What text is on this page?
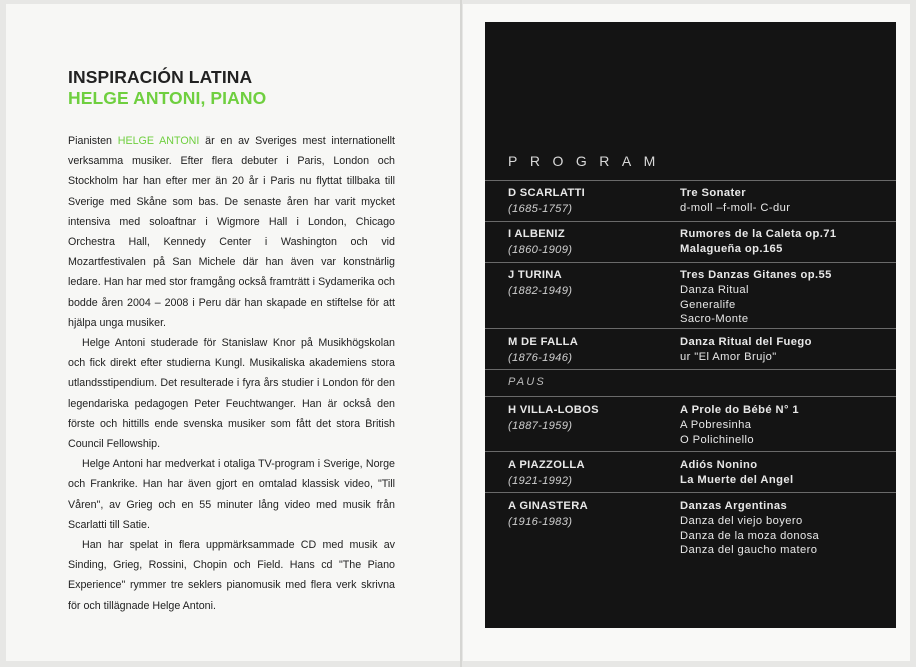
INSPIRACIÓN LATINA
HELGE ANTONI, PIANO

Pianisten HELGE ANTONI är en av Sveriges mest internationellt verksamma musiker. Efter flera debuter i Paris, London och Stockholm har han efter mer än 20 år i Paris nu flyttat tillbaka till Sverige med Skåne som bas. De senaste åren har varit mycket intensiva med soloaftnar i Wigmore Hall i London, Chicago Orchestra Hall, Kennedy Center i Washington och vid Mozartfestivalen på San Michele där han även var konstnärlig ledare. Han har med stor framgång också framträtt i Sydamerika och bodde åren 2004 – 2008 i Peru där han skapade en stiftelse för att hjälpa unga musiker.

Helge Antoni studerade för Stanislaw Knor på Musikhögskolan och fick direkt efter studierna Kungl. Musikaliska akademiens stora utlandsstipendium. Det resulterade i fyra års studier i London för den legendariska pedagogen Peter Feuchtwanger. Han är också den förste och hittills ende svenska musiker som fått det stora British Council Fellowship.

Helge Antoni har medverkat i otaliga TV-program i Sverige, Norge och Frankrike. Han har även gjort en omtalad klassisk video, "Till Våren", av Grieg och en 55 minuter lång video med musik från Scarlatti till Satie.

Han har spelat in flera uppmärksammade CD med musik av Sinding, Grieg, Rossini, Chopin och Field. Hans cd "The Piano Experience" rymmer tre seklers pianomusik med flera verk skrivna för och tillägnade Helge Antoni.

PROGRAM
D SCARLATTI
(1685-1757)
Tre Sonater
d-moll –f-moll- C-dur
I ALBENIZ
(1860-1909)
Rumores de la Caleta op.71
Malagueña op.165
J TURINA
(1882-1949)
Tres Danzas Gitanes op.55
Danza Ritual
Generalife
Sacro-Monte
M DE FALLA
(1876-1946)
Danza Ritual del Fuego
ur "El Amor Brujo"
PAUS
H VILLA-LOBOS
(1887-1959)
A Prole do Bébé N° 1
A Pobresinha
O Polichinello
A PIAZZOLLA
(1921-1992)
Adiós Nonino
La Muerte del Angel
A GINASTERA
(1916-1983)
Danzas Argentinas
Danza del viejo boyero
Danza de la moza donosa
Danza del gaucho matero
